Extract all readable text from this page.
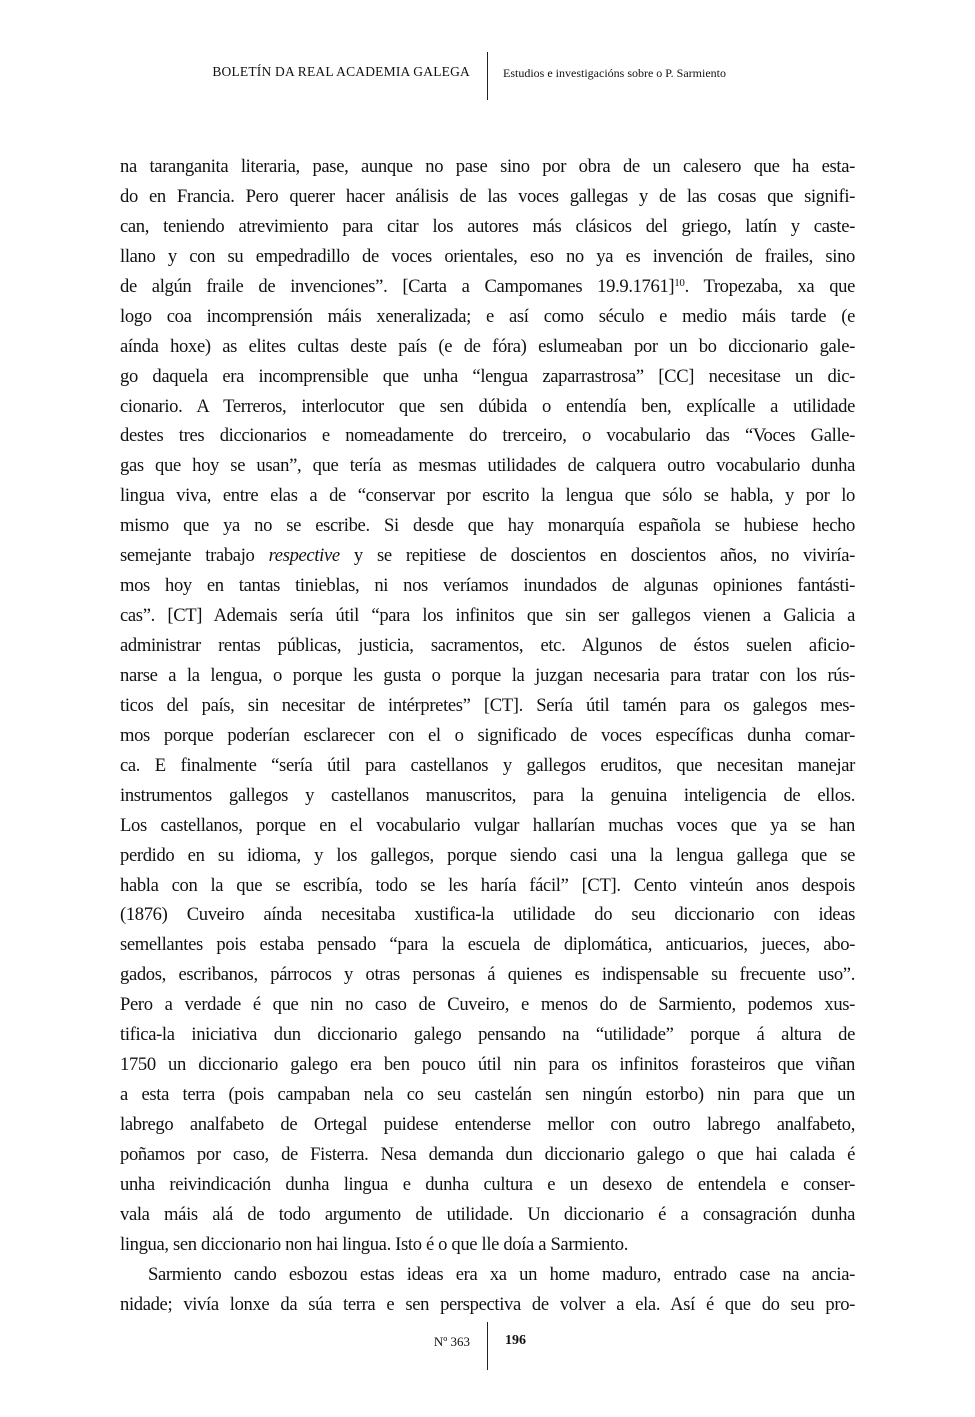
BOLETÍN DA REAL ACADEMIA GALEGA	Estudios e investigacións sobre o P. Sarmiento
na taranganita literaria, pase, aunque no pase sino por obra de un calesero que ha esta-
do en Francia. Pero querer hacer análisis de las voces gallegas y de las cosas que signifi-
can, teniendo atrevimiento para citar los autores más clásicos del griego, latín y caste-
llano y con su empedradillo de voces orientales, eso no ya es invención de frailes, sino
de algún fraile de invenciones”. [Carta a Campomanes 19.9.1761]$^{10}$. Tropezaba, xa que
logo coa incomprensión máis xeneralizada; e así como século e medio máis tarde (e
aínda hoxe) as elites cultas deste país (e de fóra) eslumeaban por un bo diccionario gale-
go daquela era incomprensible que unha “lengua zaparrastrosa” [CC] necesitase un dic-
cionario. A Terreros, interlocutor que sen dúbida o entendía ben, explícalle a utilidade
destes tres diccionarios e nomeadamente do trerceiro, o vocabulario das “Voces Galle-
gas que hoy se usan”, que tería as mesmas utilidades de calquera outro vocabulario dunha
lingua viva, entre elas a de “conservar por escrito la lengua que sólo se habla, y por lo
mismo que ya no se escribe. Si desde que hay monarquía española se hubiese hecho
semejante trabajo respective y se repitiese de doscientos en doscientos años, no viviría-
mos hoy en tantas tinieblas, ni nos veríamos inundados de algunas opiniones fantásti-
cas”. [CT] Ademais sería útil “para los infinitos que sin ser gallegos vienen a Galicia a
administrar rentas públicas, justicia, sacramentos, etc. Algunos de éstos suelen aficio-
narse a la lengua, o porque les gusta o porque la juzgan necesaria para tratar con los rús-
ticos del país, sin necesitar de intérpretes” [CT]. Sería útil tamén para os galegos mes-
mos porque poderían esclarecer con el o significado de voces específicas dunha comar-
ca. E finalmente “sería útil para castellanos y gallegos eruditos, que necesitan manejar
instrumentos gallegos y castellanos manuscritos, para la genuina inteligencia de ellos.
Los castellanos, porque en el vocabulario vulgar hallarían muchas voces que ya se han
perdido en su idioma, y los gallegos, porque siendo casi una la lengua gallega que se
habla con la que se escribía, todo se les haría fácil” [CT]. Cento vinteún anos despois
(1876) Cuveiro aínda necesitaba xustifica-la utilidade do seu diccionario con ideas
semellantes pois estaba pensado “para la escuela de diplomática, anticuarios, jueces, abo-
gados, escribanos, párrocos y otras personas á quienes es indispensable su frecuente uso”.
Pero a verdade é que nin no caso de Cuveiro, e menos do de Sarmiento, podemos xus-
tifica-la iniciativa dun diccionario galego pensando na “utilidade” porque á altura de
1750 un diccionario galego era ben pouco útil nin para os infinitos forasteiros que viñan
a esta terra (pois campaban nela co seu castelán sen ningún estorbo) nin para que un
labrego analfabeto de Ortegal puidese entenderse mellor con outro labrego analfabeto,
poñamos por caso, de Fisterra. Nesa demanda dun diccionario galego o que hai calada é
unha reivindicación dunha lingua e dunha cultura e un desexo de entendela e conser-
vala máis alá de todo argumento de utilidade. Un diccionario é a consagración dunha
lingua, sen diccionario non hai lingua. Isto é o que lle doía a Sarmiento.
Sarmiento cando esbozou estas ideas era xa un home maduro, entrado case na ancia-
nidade; vivía lonxe da súa terra e sen perspectiva de volver a ela. Así é que do seu pro-
Nº 363	196
